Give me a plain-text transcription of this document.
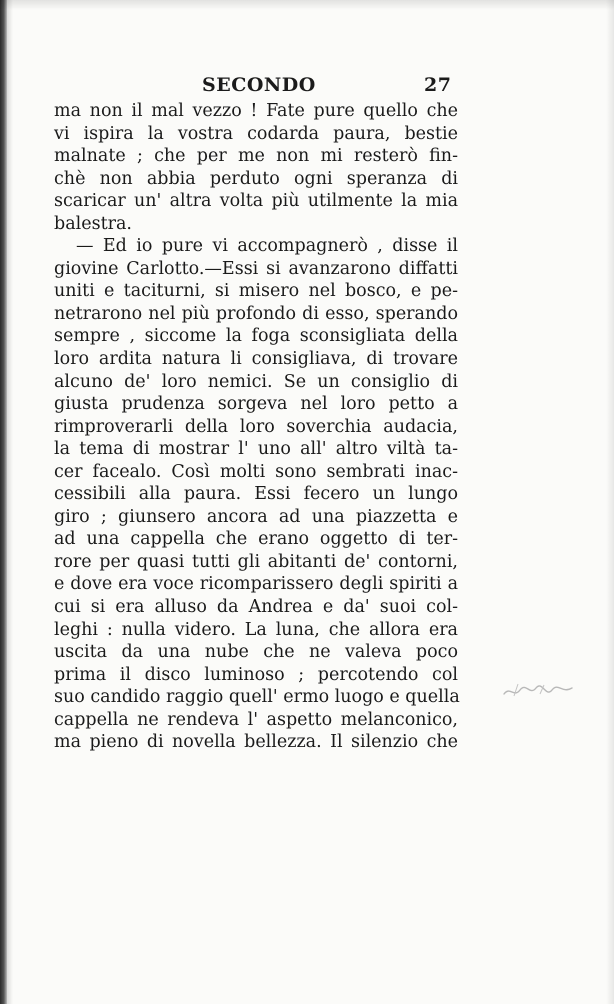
SECONDO	27
ma non il mal vezzo ! Fate pure quello che
vi ispira la vostra codarda paura, bestie
malnate ; che per me non mi resterò fin-
chè non abbia perduto ogni speranza di
scaricar un' altra volta più utilmente la mia
balestra.
— Ed io pure vi accompagnerò , disse il
giovine Carlotto.—Essi si avanzarono diffatti
uniti e taciturni, si misero nel bosco, e pe-
netrarono nel più profondo di esso, sperando
sempre , siccome la foga sconsigliata della
loro ardita natura li consigliava, di trovare
alcuno de' loro nemici. Se un consiglio di
giusta prudenza sorgeva nel loro petto a
rimproverarli della loro soverchia audacia,
la tema di mostrar l' uno all' altro viltà ta-
cer facealo. Così molti sono sembrati inac-
cessibili alla paura. Essi fecero un lungo
giro ; giunsero ancora ad una piazzetta e
ad una cappella che erano oggetto di ter-
rore per quasi tutti gli abitanti de' contorni,
e dove era voce ricomparissero degli spiriti a
cui si era alluso da Andrea e da' suoi col-
leghi : nulla videro. La luna, che allora era
uscita da una nube che ne valeva poco
prima il disco luminoso ; percotendo col
suo candido raggio quell' ermo luogo e quella
cappella ne rendeva l' aspetto melanconico,
ma pieno di novella bellezza. Il silenzio che
